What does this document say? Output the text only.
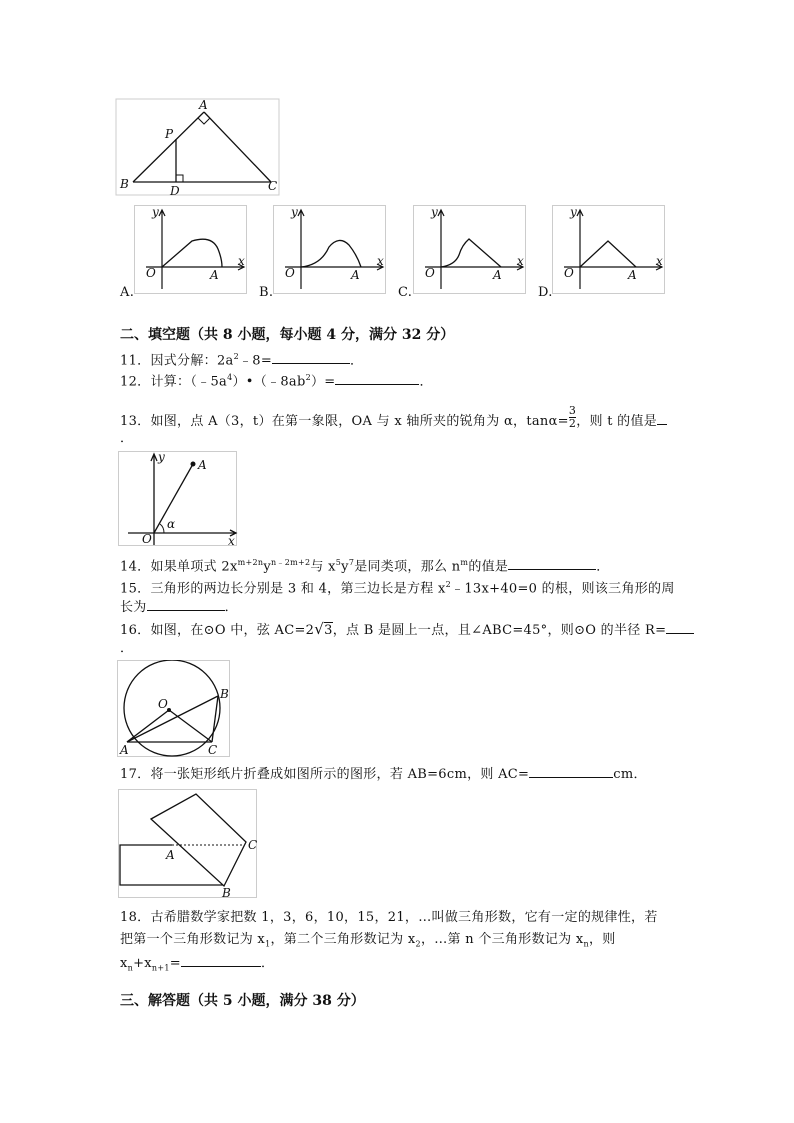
A
P
B	D	C
A.
y
x
O	A
B.
y
x
O	A
C.
y
x
O	A
D.
y
x
O	A
二、填空题（共 8 小题，每小题 4 分，满分 32 分）
11．因式分解：$2a^2﹣8=$	．
12．计算：$(﹣5a^4)•(﹣8ab^2)=$	．
13．如图，点 A（3，t）在第一象限，OA 与 x 轴所夹的锐角为 α，$\tan\alpha= \frac{3}{2}$ ，则 t 的值是
．
y
A
O
α
x
14．如果单项式 $2x^{m+2n}y^{n﹣2m+2}$与 $x^5y^7$是同类项，那么 $n^m$的值是	．
15．三角形的两边长分别是 3 和 4，第三边长是方程 $x^2﹣13x+40=0$ 的根，则该三角形的周
长为	．
16．如图，在⊙O 中，弦 AC=2√3，点 B 是圆上一点，且∠ABC=45°，则⊙O 的半径 R=
．
O
B
A	C
17．将一张矩形纸片折叠成如图所示的图形，若 AB=6cm，则 AC=	cm．
A
C
B
18．古希腊数学家把数 1，3，6，10，15，21，…叫做三角形数，它有一定的规律性，若
把第一个三角形数记为 $x_1$，第二个三角形数记为 $x_2$，…第 n 个三角形数记为 $x_n$，则
$x_n+x_{n+1}=$	．
三、解答题（共 5 小题，满分 38 分）
